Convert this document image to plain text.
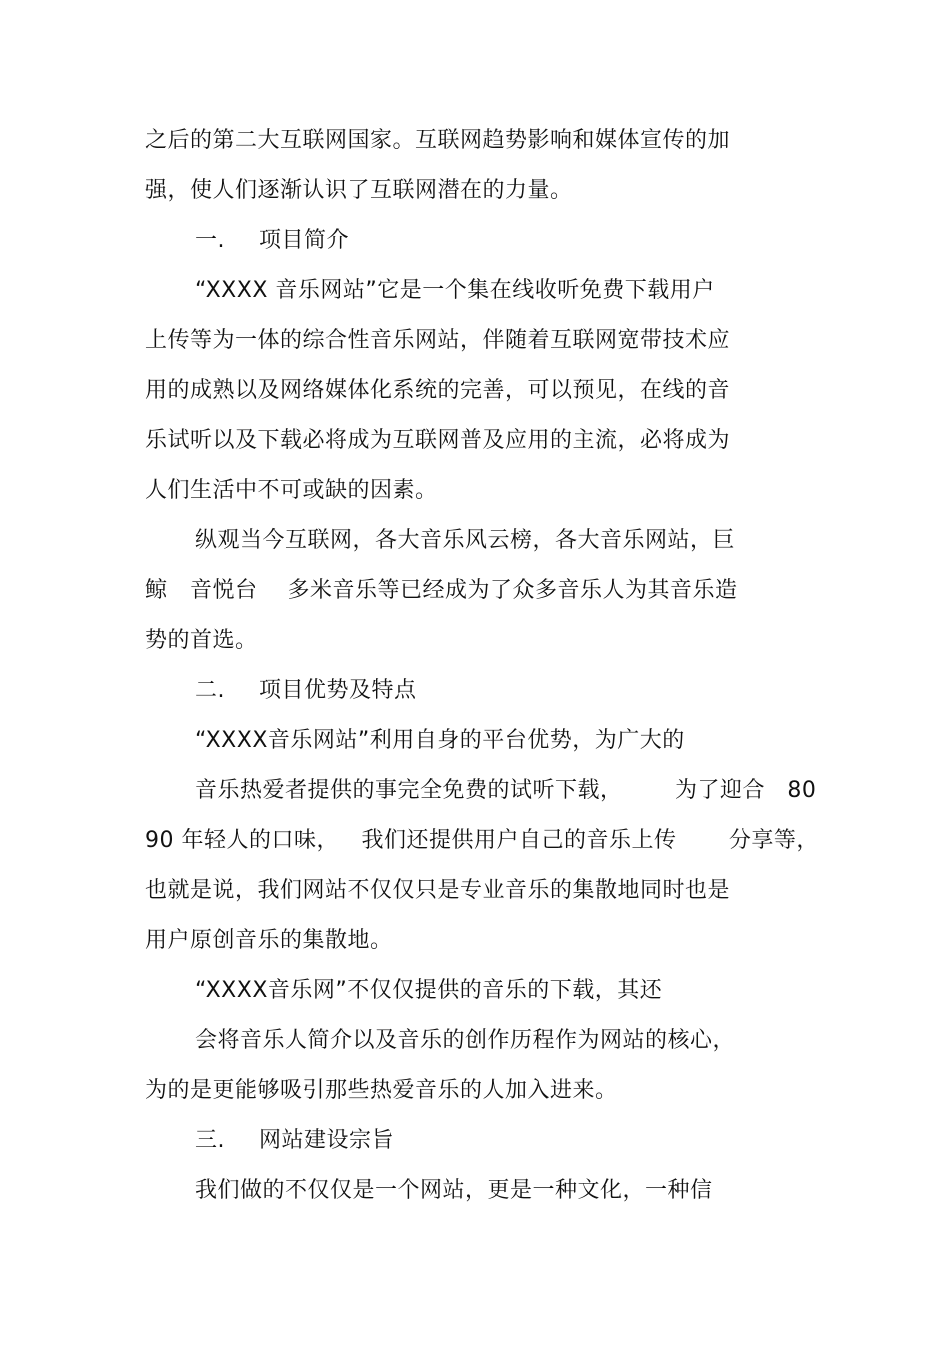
之后的第二大互联网国家。互联网趋势影响和媒体宣传的加
强，使人们逐渐认识了互联网潜在的力量。
一. 项目简介
“XXXX 音乐网站”它是一个集在线收听免费下载用户
上传等为一体的综合性音乐网站，伴随着互联网宽带技术应
用的成熟以及网络媒体化系统的完善，可以预见，在线的音
乐试听以及下载必将成为互联网普及应用的主流，必将成为
人们生活中不可或缺的因素。
纵观当今互联网，各大音乐风云榜，各大音乐网站，巨
鲸   音悦台    多米音乐等已经成为了众多音乐人为其音乐造
势的首选。
二. 项目优势及特点
“XXXX音乐网站”利用自身的平台优势，为广大的
音乐热爱者提供的事完全免费的试听下载，       为了迎合   80
90 年轻人的口味，   我们还提供用户自己的音乐上传       分享等，
也就是说，我们网站不仅仅只是专业音乐的集散地同时也是
用户原创音乐的集散地。
“XXXX音乐网”不仅仅提供的音乐的下载，其还
会将音乐人简介以及音乐的创作历程作为网站的核心，
为的是更能够吸引那些热爱音乐的人加入进来。
三. 网站建设宗旨
我们做的不仅仅是一个网站，更是一种文化，一种信
